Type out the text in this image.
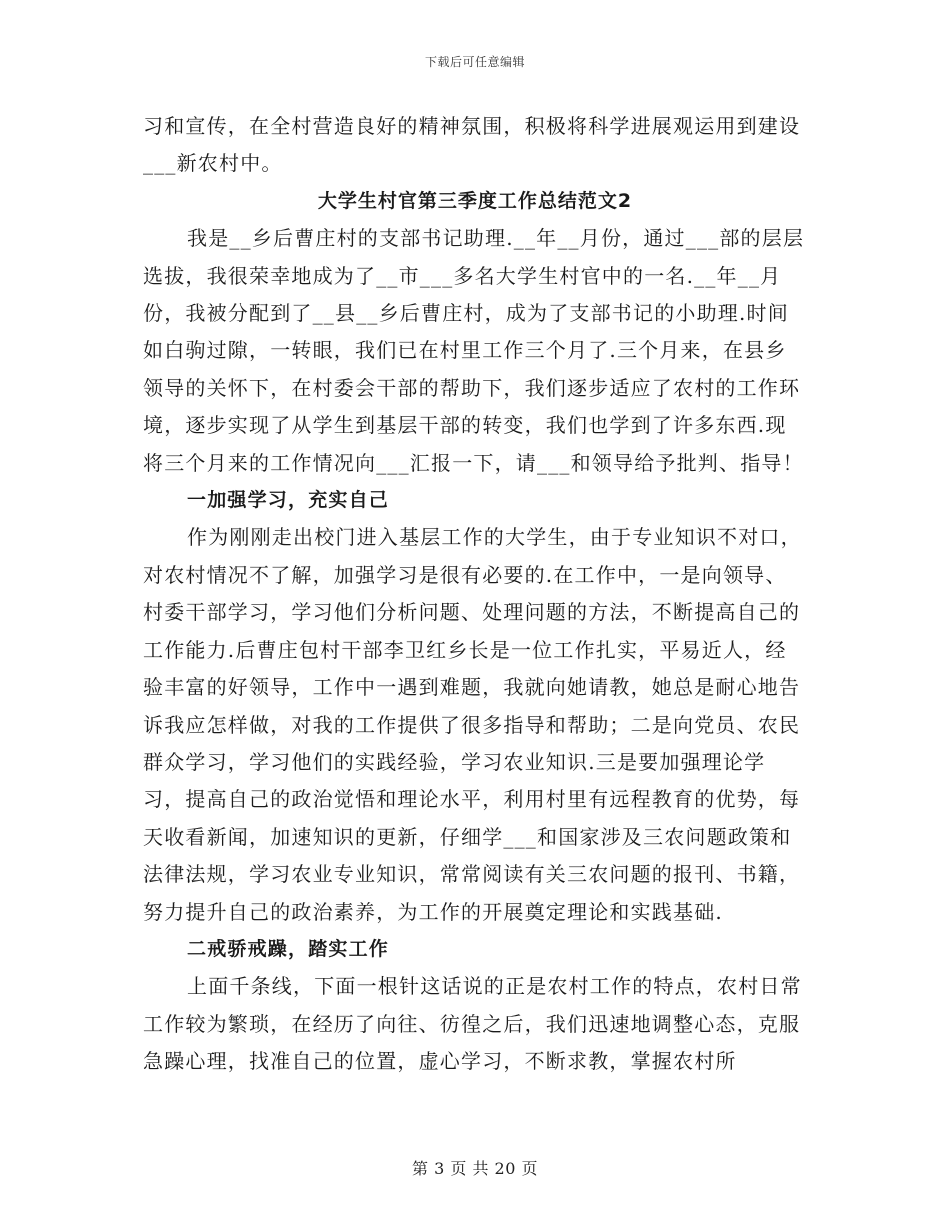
下载后可任意编辑

习和宣传，在全村营造良好的精神氛围，积极将科学进展观运用到建设___新农村中。

大学生村官第三季度工作总结范文2

我是__乡后曹庄村的支部书记助理.__年__月份，通过___部的层层选拔，我很荣幸地成为了__市___多名大学生村官中的一名.__年__月份，我被分配到了__县__乡后曹庄村，成为了支部书记的小助理.时间如白驹过隙，一转眼，我们已在村里工作三个月了.三个月来，在县乡领导的关怀下，在村委会干部的帮助下，我们逐步适应了农村的工作环境，逐步实现了从学生到基层干部的转变，我们也学到了许多东西.现将三个月来的工作情况向___汇报一下，请___和领导给予批判、指导！

一加强学习，充实自己

作为刚刚走出校门进入基层工作的大学生，由于专业知识不对口，对农村情况不了解，加强学习是很有必要的.在工作中，一是向领导、村委干部学习，学习他们分析问题、处理问题的方法，不断提高自己的工作能力.后曹庄包村干部李卫红乡长是一位工作扎实，平易近人，经验丰富的好领导，工作中一遇到难题，我就向她请教，她总是耐心地告诉我应怎样做，对我的工作提供了很多指导和帮助；二是向党员、农民群众学习，学习他们的实践经验，学习农业知识.三是要加强理论学习，提高自己的政治觉悟和理论水平，利用村里有远程教育的优势，每天收看新闻，加速知识的更新，仔细学___和国家涉及三农问题政策和法律法规，学习农业专业知识，常常阅读有关三农问题的报刊、书籍，努力提升自己的政治素养，为工作的开展奠定理论和实践基础.

二戒骄戒躁，踏实工作

上面千条线，下面一根针这话说的正是农村工作的特点，农村日常工作较为繁琐，在经历了向往、彷徨之后，我们迅速地调整心态，克服急躁心理，找准自己的位置，虚心学习，不断求教，掌握农村所

第 3 页 共 20 页
